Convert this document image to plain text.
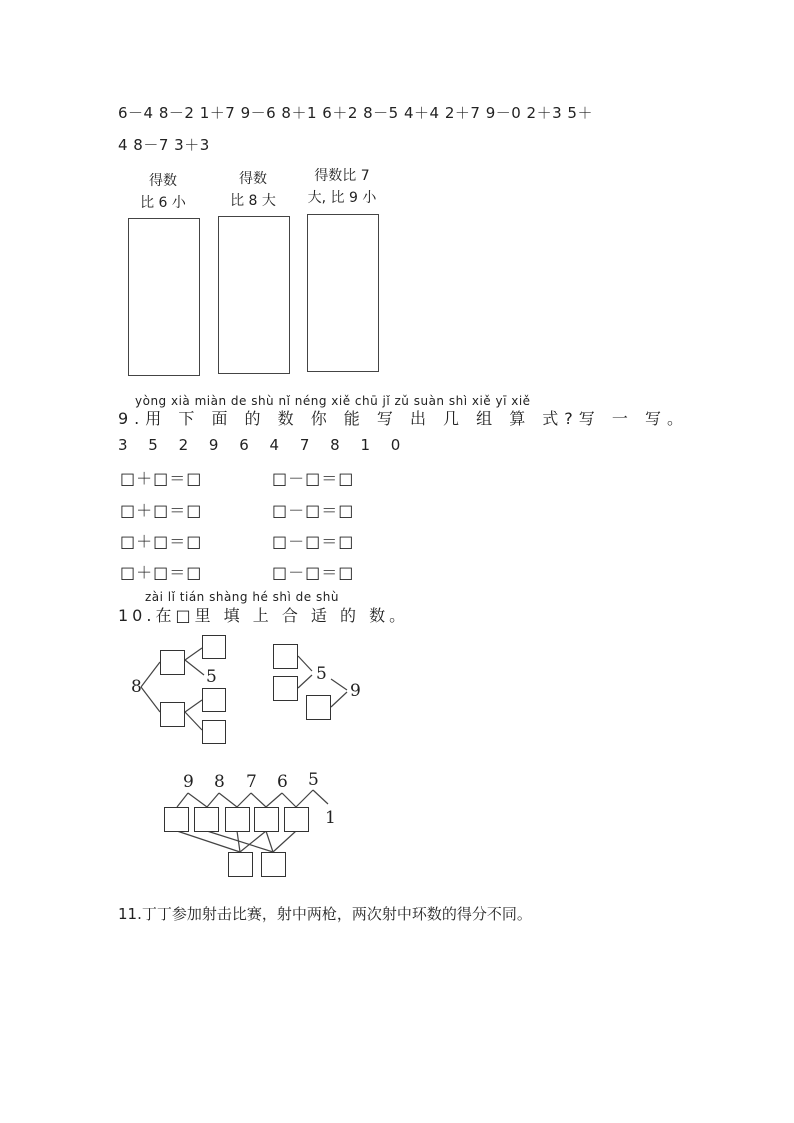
6－4 8－2 1＋7 9－6 8＋1 6＋2 8－5 4＋4 2＋7 9－0 2＋3 5＋
4 8－7 3＋3
得数
比 6 小
得数
比 8 大
得数比 7
大, 比 9 小
yòng xià miàn de shù nǐ néng xiě chū jǐ zǔ suàn shì xiě yī xiě
9.用 下 面 的 数 你 能 写 出 几 组 算 式?写 一 写。
3 5 2 9 6 4 7 8 1 0
□＋□＝□
□＋□＝□
□＋□＝□
□＋□＝□
□－□＝□
□－□＝□
□－□＝□
□－□＝□
zài lǐ tián shàng hé shì de shù
10.在□里 填 上 合 适 的 数。
8	5	5
9
9 8 7 6 5
1
11.丁丁参加射击比赛，射中两枪，两次射中环数的得分不同。
